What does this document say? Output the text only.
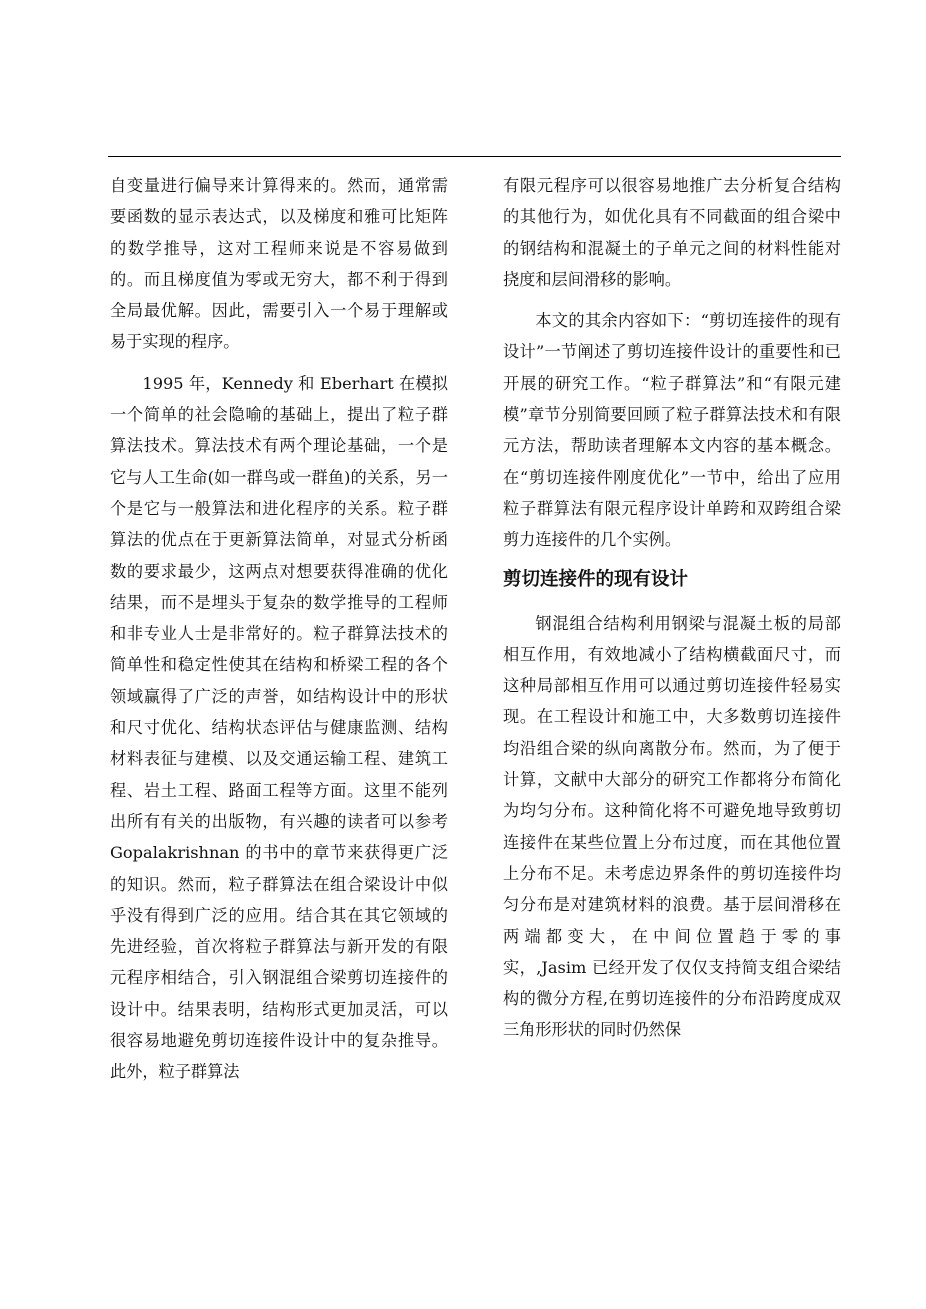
自变量进行偏导来计算得来的。然而，通常需要函数的显示表达式，以及梯度和雅可比矩阵的数学推导，这对工程师来说是不容易做到的。而且梯度值为零或无穷大，都不利于得到全局最优解。因此，需要引入一个易于理解或易于实现的程序。

1995 年，Kennedy 和 Eberhart 在模拟一个简单的社会隐喻的基础上，提出了粒子群算法技术。算法技术有两个理论基础，一个是它与人工生命(如一群鸟或一群鱼)的关系，另一个是它与一般算法和进化程序的关系。粒子群算法的优点在于更新算法简单，对显式分析函数的要求最少，这两点对想要获得准确的优化结果，而不是埋头于复杂的数学推导的工程师和非专业人士是非常好的。粒子群算法技术的简单性和稳定性使其在结构和桥梁工程的各个领域赢得了广泛的声誉，如结构设计中的形状和尺寸优化、结构状态评估与健康监测、结构材料表征与建模、以及交通运输工程、建筑工程、岩土工程、路面工程等方面。这里不能列出所有有关的出版物，有兴趣的读者可以参考 Gopalakrishnan 的书中的章节来获得更广泛的知识。然而，粒子群算法在组合梁设计中似乎没有得到广泛的应用。结合其在其它领域的先进经验，首次将粒子群算法与新开发的有限元程序相结合，引入钢混组合梁剪切连接件的设计中。结果表明，结构形式更加灵活，可以很容易地避免剪切连接件设计中的复杂推导。此外，粒子群算法

有限元程序可以很容易地推广去分析复合结构的其他行为，如优化具有不同截面的组合梁中的钢结构和混凝土的子单元之间的材料性能对挠度和层间滑移的影响。

本文的其余内容如下：“剪切连接件的现有设计”一节阐述了剪切连接件设计的重要性和已开展的研究工作。“粒子群算法”和“有限元建模”章节分别简要回顾了粒子群算法技术和有限元方法，帮助读者理解本文内容的基本概念。在“剪切连接件刚度优化”一节中，给出了应用粒子群算法有限元程序设计单跨和双跨组合梁剪力连接件的几个实例。

剪切连接件的现有设计

钢混组合结构利用钢梁与混凝土板的局部相互作用，有效地减小了结构横截面尺寸，而这种局部相互作用可以通过剪切连接件轻易实现。在工程设计和施工中，大多数剪切连接件均沿组合梁的纵向离散分布。然而，为了便于计算，文献中大部分的研究工作都将分布简化为均匀分布。这种简化将不可避免地导致剪切连接件在某些位置上分布过度，而在其他位置上分布不足。未考虑边界条件的剪切连接件均匀分布是对建筑材料的浪费。基于层间滑移在两端都变大，在中间位置趋于零的事实，,Jasim 已经开发了仅仅支持简支组合梁结构的微分方程,在剪切连接件的分布沿跨度成双三角形形状的同时仍然保
